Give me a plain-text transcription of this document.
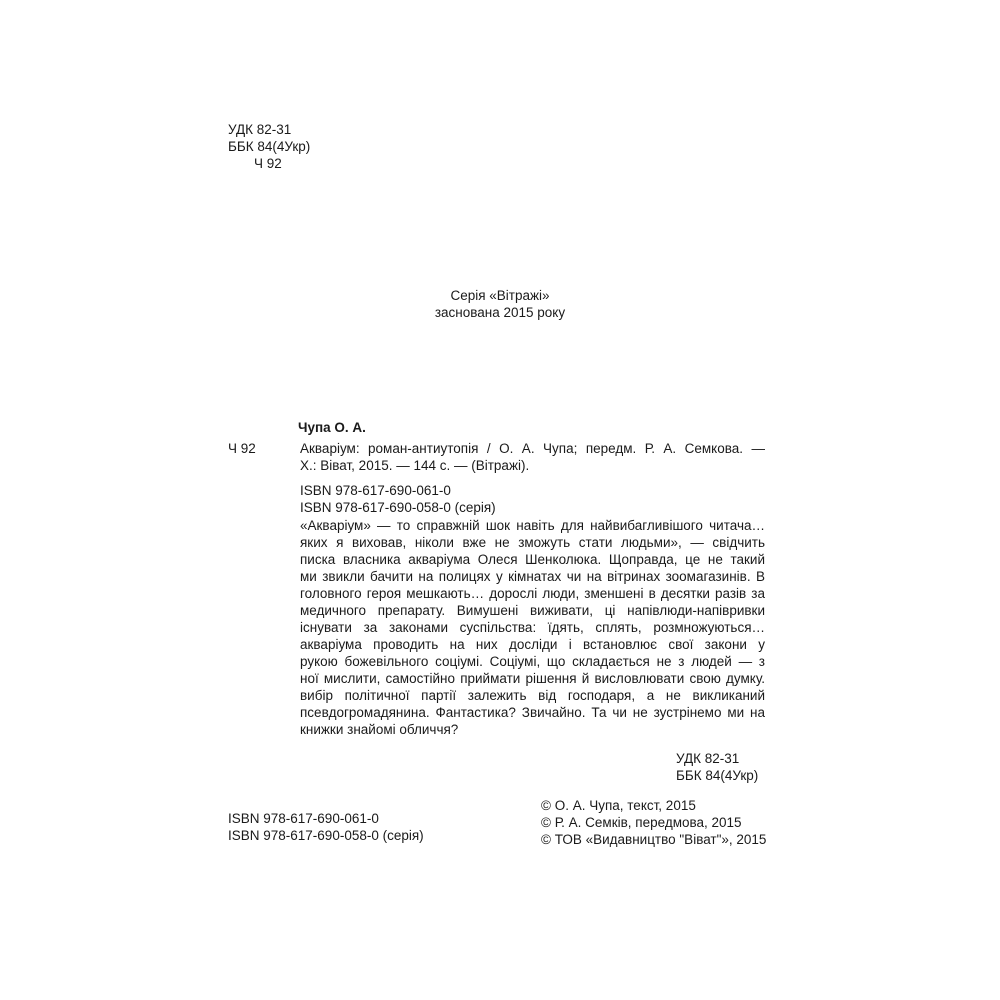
УДК 82-31
ББК 84(4Укр)
Ч 92
Серія «Вітражі»
заснована 2015 року
Чупа О. А.
Ч 92	Акваріум: роман-антиутопія / О. А. Чупа; передм. Р. А. Семкова. —
Х.: Віват, 2015. — 144 с. — (Вітражі).
ISBN 978-617-690-061-0
ISBN 978-617-690-058-0 (серія)
«Акваріум» — то справжній шок навіть для найвибагливішого читача…
яких я виховав, ніколи вже не зможуть стати людьми», — свідчить
писка власника акваріума Олеся Шенколюка. Щоправда, це не такий
ми звикли бачити на полицях у кімнатах чи на вітринах зоомагазинів. В
головного героя мешкають… дорослі люди, зменшені в десятки разів за
медичного препарату. Вимушені виживати, ці напівлюди-напівривки
існувати за законами суспільства: їдять, сплять, розмножуються…
акваріума проводить на них досліди і встановлює свої закони у
рукою божевільного соціумі. Соціумі, що складається не з людей — з
ної мислити, самостійно приймати рішення й висловлювати свою думку.
вибір політичної партії залежить від господаря, а не викликаний
псевдогромадянина. Фантастика? Звичайно. Та чи не зустрінемо ми на
книжки знайомі обличчя?
УДК 82-31
ББК 84(4Укр)
ISBN 978-617-690-061-0
ISBN 978-617-690-058-0 (серія)
© О. А. Чупа, текст, 2015
© Р. А. Семків, передмова, 2015
© ТОВ «Видавництво "Віват"», 2015
